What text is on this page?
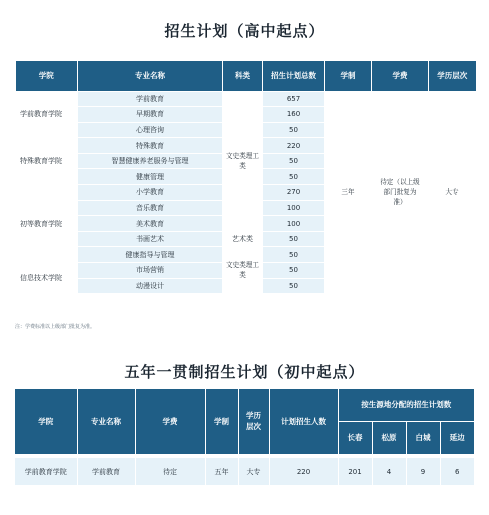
招生计划（高中起点）
学院	专业名称	科类	招生计划总数	学制	学费	学历层次
学前教育学院	学前教育	文史类理工类	657	三年	待定（以上级部门批复为准）	大专
	早期教育		160			
	心理咨询		50			
特殊教育学院	特殊教育		220			
	智慧健康养老服务与管理		50			
	健康管理		50			
初等教育学院	小学教育		270			
	音乐教育		100			
	美术教育		100			
	书画艺术	艺术类	50			
	健康指导与管理	文史类理工类	50			
信息技术学院	市场营销		50			
	动漫设计		50			
注：学费标准以上级部门批复为准。
五年一贯制招生计划（初中起点）
学院	专业名称	学费	学制	学历层次	计划招生人数	按生源地分配的招生计划数			
						长春	松原	白城	延边

学前教育学院	学前教育	待定	五年	大专	220	201	4	9	6
